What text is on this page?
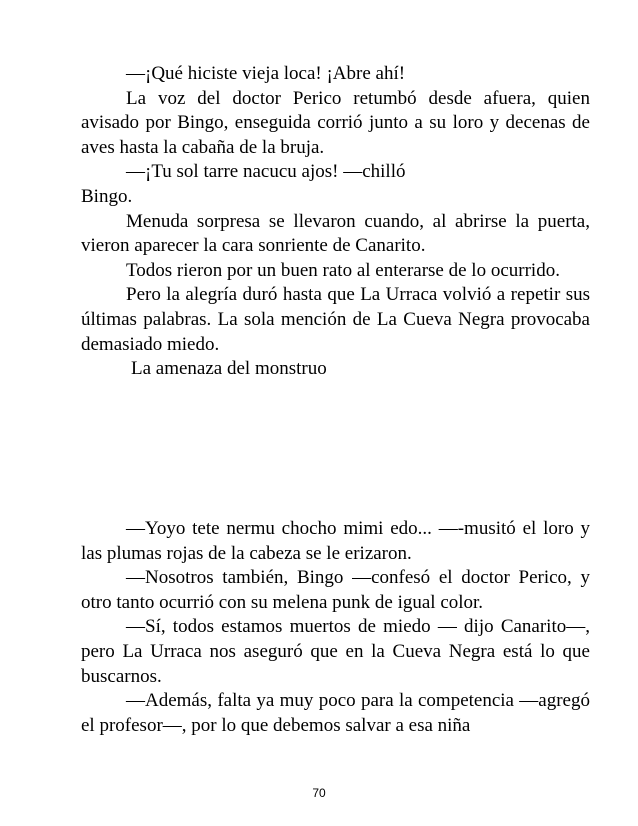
—¡Qué hiciste vieja loca! ¡Abre ahí!

La voz del doctor Perico retumbó desde afuera, quien avisado por Bingo, enseguida corrió junto a su loro y decenas de aves hasta la cabaña de la bruja.

—¡Tu sol tarre nacucu ajos! —chilló

Bingo.

Menuda sorpresa se llevaron cuando, al abrirse la puerta, vieron aparecer la cara sonriente de Canarito.

Todos rieron por un buen rato al enterarse de lo ocurrido.

Pero la alegría duró hasta que La Urraca volvió a repetir sus últimas palabras. La sola mención de La Cueva Negra provocaba demasiado miedo.

La amenaza del monstruo

—Yoyo tete nermu chocho mimi edo... —-musitó el loro y las plumas rojas de la cabeza se le erizaron.

—Nosotros también, Bingo —confesó el doctor Perico, y otro tanto ocurrió con su melena punk de igual color.

—Sí, todos estamos muertos de miedo — dijo Canarito—, pero La Urraca nos aseguró que en la Cueva Negra está lo que buscarnos.

—Además, falta ya muy poco para la competencia —agregó el profesor—, por lo que debemos salvar a esa niña

70
